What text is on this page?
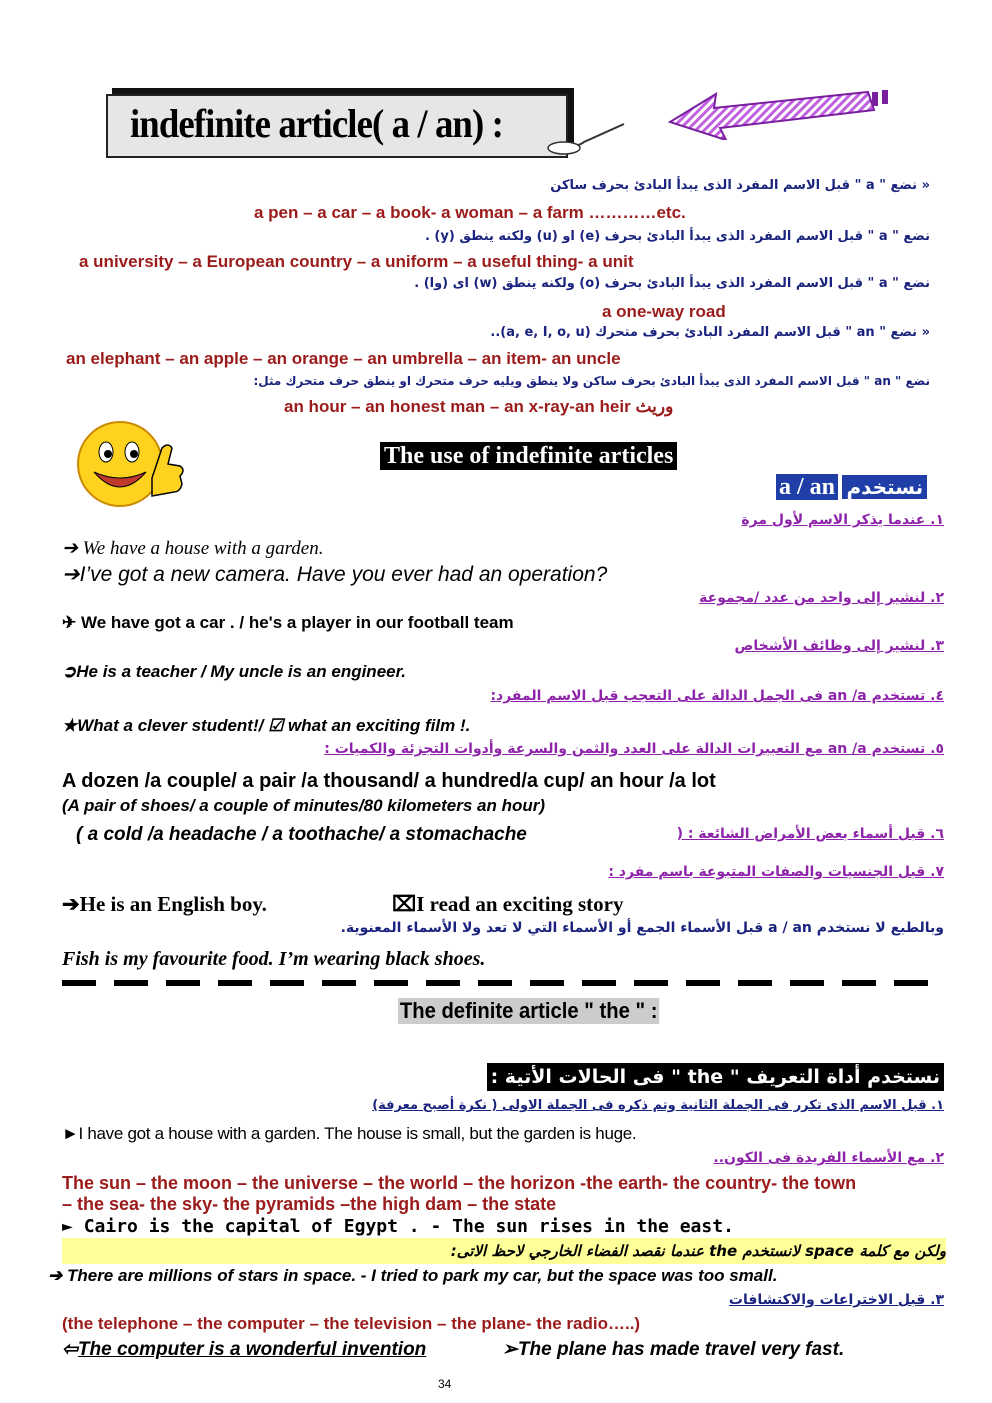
indefinite article( a / an) :
« نضع " a " قبل الاسم المفرد الذى يبدأ البادئ بحرف ساكن
a pen – a car – a book- a woman – a farm …………etc.
نضع " a " قبل الاسم المفرد الذى يبدأ البادئ بحرف (e) او (u) ولكنه ينطق (y) .
a university – a European country – a uniform – a useful thing- a unit
نضع " a " قبل الاسم المفرد الذى يبدأ البادئ بحرف (o) ولكنه ينطق (w) اى (وا) .
a one-way road
« نضع " an " قبل الاسم المفرد البادئ بحرف متحرك (a, e, I, o, u)..
an elephant – an apple – an orange – an umbrella – an item- an uncle
نضع " an " قبل الاسم المفرد الذى يبدأ البادئ بحرف ساكن ولا ينطق ويليه حرف متحرك او ينطق حرف متحرك مثل:
an hour – an honest man – an x-ray-an heir وريث
The use of indefinite articles
a / an نستخدم
١. عندما يذكر الاسم لأول مرة
➔ We have a house with a garden.
➔I’ve got a new camera. Have you ever had an operation?
٢. لنشير إلى واحد من عدد /مجموعة
✈ We have got a car . / he's a player in our football team
٣. لنشير إلى وظائف الأشخاص
➲He is a teacher / My uncle is an engineer.
٤. تستخدم an /a فى الجمل الدالة على التعجب قبل الاسم المفرد:
★What a clever student!/ ☑ what an exciting film !.
٥. تستخدم an /a مع التعبيرات الدالة على العدد والثمن والسرعة وأدوات التجزئة والكميات :
A dozen /a couple/ a pair /a thousand/ a hundred/a cup/ an hour /a lot
(A pair of shoes/ a couple of minutes/80 kilometers an hour)
٦. قبل أسماء بعض الأمراض الشائعة : (
( a cold /a headache / a toothache/ a stomachache
٧. قبل الجنسيات والصفات المتبوعة باسم مفرد :
➔He is an English boy.	⌧I read an exciting story
وبالطبع لا نستخدم a / an قبل الأسماء الجمع أو الأسماء التي لا تعد ولا الأسماء المعنوية.
Fish is my favourite food. I’m wearing black shoes.
The definite article " the " :
نستخدم أداة التعريف " the " فى الحالات الأتية :
١. قبل الاسم الذى تكرر فى الجملة الثانية وتم ذكره فى الجملة الاولى ( نكرة أصبح معرفة)
►I have got a house with a garden. The house is small, but the garden is huge.
٢. مع الأسماء الفريدة فى الكون..
The sun – the moon – the universe – the world – the horizon -the earth- the country- the town
– the sea- the sky- the pyramids –the high dam – the state
► Cairo is the capital of Egypt . - The sun rises in the east.
ولكن مع كلمة space لانستخدم the عندما نقصد الفضاء الخارجي لاحظ الاتى:
➔ There are millions of stars in space. - I tried to park my car, but the space was too small.
٣. قبل الاختراعات والاكتشافات
(the telephone – the computer – the television – the plane- the radio…..)
⇦The computer is a wonderful invention	➢The plane has made travel very fast.
34
